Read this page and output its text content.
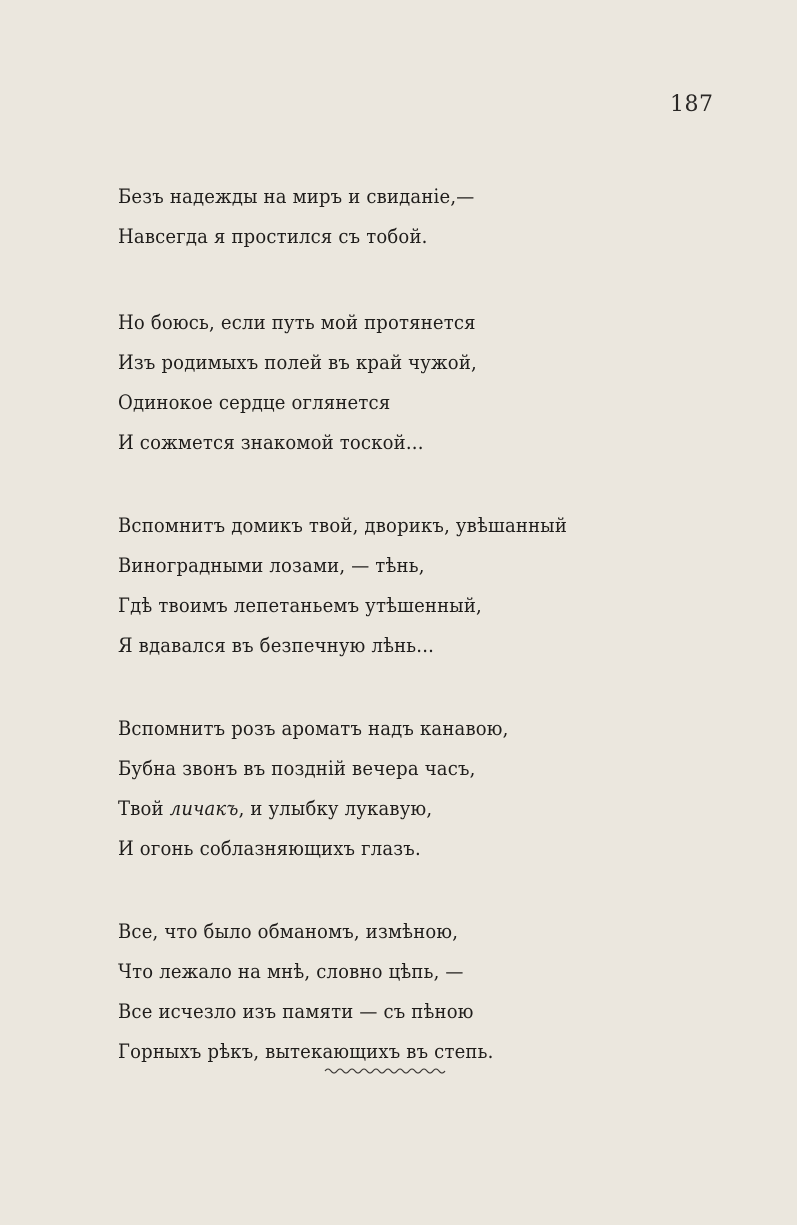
187
Безъ надежды на миръ и свиданіе,—
Навсегда я простился съ тобой.
Но боюсь, если путь мой протянется
Изъ родимыхъ полей въ край чужой,
Одинокое сердце оглянется
И сожмется знакомой тоской...
Вспомнитъ домикъ твой, дворикъ, увѣшанный
Виноградными лозами, — тѣнь,
Гдѣ твоимъ лепетаньемъ утѣшенный,
Я вдавался въ безпечную лѣнь...
Вспомнитъ розъ ароматъ надъ канавою,
Бубна звонъ въ поздній вечера часъ,
Твой личакъ, и улыбку лукавую,
И огонь соблазняющихъ глазъ.
Все, что было обманомъ, измѣною,
Что лежало на мнѣ, словно цѣпь, —
Все исчезло изъ памяти — съ пѣною
Горныхъ рѣкъ, вытекающихъ въ степь.
